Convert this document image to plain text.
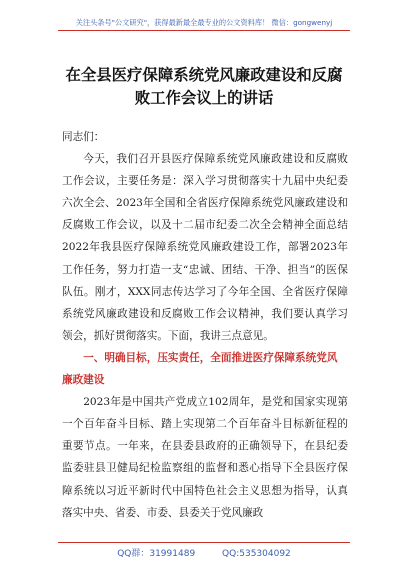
关注头条号"公文研究"，获得最新最全最专业的公文资料库！ 微信：gongwenyj
在全县医疗保障系统党风廉政建设和反腐
败工作会议上的讲话

同志们：

今天，我们召开县医疗保障系统党风廉政建设和反腐败工作会议，主要任务是：深入学习贯彻落实十九届中央纪委六次全会、2023年全国和全省医疗保障系统党风廉政建设和反腐败工作会议，以及十二届市纪委二次全会精神全面总结2022年我县医疗保障系统党风廉政建设工作，部署2023年工作任务，努力打造一支“忠诚、团结、干净、担当”的医保队伍。刚才，XXX同志传达学习了今年全国、全省医疗保障系统党风廉政建设和反腐败工作会议精神，我们要认真学习领会，抓好贯彻落实。下面，我讲三点意见。

一、明确目标，压实责任，全面推进医疗保障系统党风廉政建设

2023年是中国共产党成立102周年，是党和国家实现第一个百年奋斗目标、踏上实现第二个百年奋斗目标新征程的重要节点。一年来，在县委县政府的正确领导下，在县纪委监委驻县卫健局纪检监察组的监督和悉心指导下全县医疗保障系统以习近平新时代中国特色社会主义思想为指导，认真落实中央、省委、市委、县委关于党风廉政

QQ群：31991489	QQ:535304092
